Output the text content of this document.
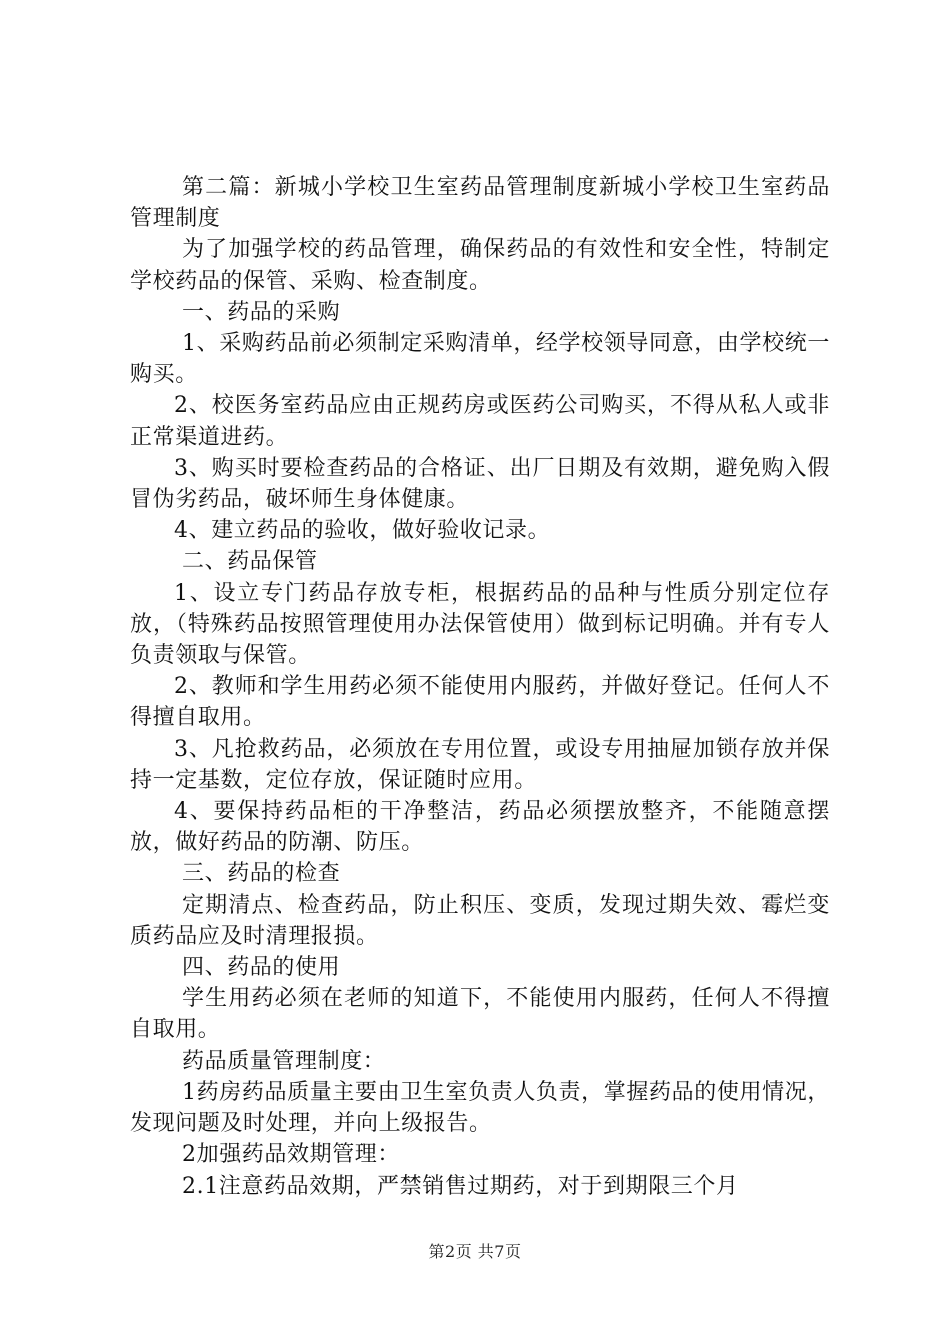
第二篇：新城小学校卫生室药品管理制度新城小学校卫生室药品管理制度

为了加强学校的药品管理，确保药品的有效性和安全性，特制定学校药品的保管、采购、检查制度。

一、药品的采购

1、采购药品前必须制定采购清单，经学校领导同意，由学校统一购买。

2、校医务室药品应由正规药房或医药公司购买，不得从私人或非正常渠道进药。

3、购买时要检查药品的合格证、出厂日期及有效期，避免购入假冒伪劣药品，破坏师生身体健康。

4、建立药品的验收，做好验收记录。

二、药品保管

1、设立专门药品存放专柜，根据药品的品种与性质分别定位存放，（特殊药品按照管理使用办法保管使用）做到标记明确。并有专人负责领取与保管。

2、教师和学生用药必须不能使用内服药，并做好登记。任何人不得擅自取用。

3、凡抢救药品，必须放在专用位置，或设专用抽屉加锁存放并保持一定基数，定位存放，保证随时应用。

4、要保持药品柜的干净整洁，药品必须摆放整齐，不能随意摆放，做好药品的防潮、防压。

三、药品的检查

定期清点、检查药品，防止积压、变质，发现过期失效、霉烂变质药品应及时清理报损。

四、药品的使用

学生用药必须在老师的知道下，不能使用内服药，任何人不得擅自取用。

药品质量管理制度：

1药房药品质量主要由卫生室负责人负责，掌握药品的使用情况，发现问题及时处理，并向上级报告。

2加强药品效期管理：

2.1注意药品效期，严禁销售过期药，对于到期限三个月

第2页 共7页
